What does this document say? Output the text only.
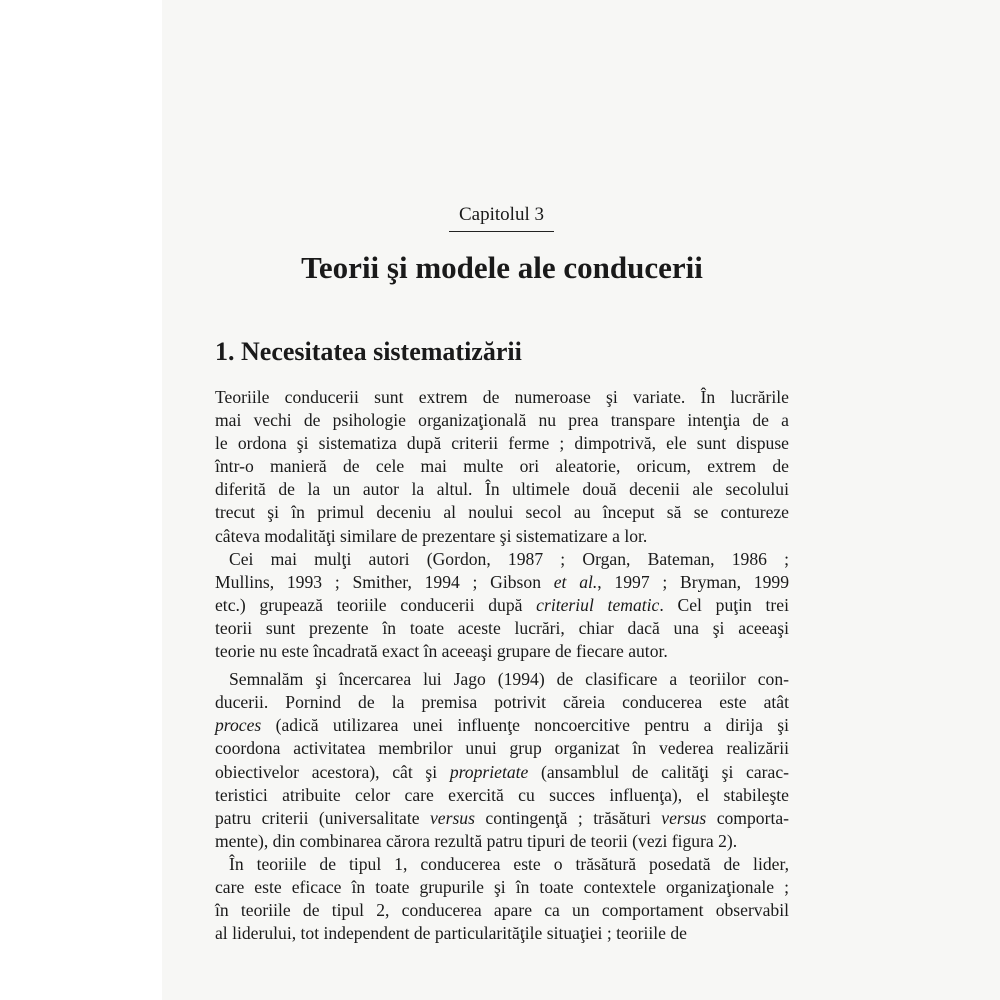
Capitolul 3
Teorii şi modele ale conducerii
1. Necesitatea sistematizării
Teoriile conducerii sunt extrem de numeroase şi variate. În lucrările
mai vechi de psihologie organizaţională nu prea transpare intenţia de a
le ordona şi sistematiza după criterii ferme ; dimpotrivă, ele sunt dispuse
într-o manieră de cele mai multe ori aleatorie, oricum, extrem de
diferită de la un autor la altul. În ultimele două decenii ale secolului
trecut şi în primul deceniu al noului secol au început să se contureze
câteva modalităţi similare de prezentare şi sistematizare a lor.
Cei mai mulţi autori (Gordon, 1987 ; Organ, Bateman, 1986 ;
Mullins, 1993 ; Smither, 1994 ; Gibson et al., 1997 ; Bryman, 1999
etc.) grupează teoriile conducerii după criteriul tematic. Cel puţin trei
teorii sunt prezente în toate aceste lucrări, chiar dacă una şi aceeaşi
teorie nu este încadrată exact în aceeaşi grupare de fiecare autor.
Semnalăm şi încercarea lui Jago (1994) de clasificare a teoriilor con-
ducerii. Pornind de la premisa potrivit căreia conducerea este atât
proces (adică utilizarea unei influenţe noncoercitive pentru a dirija şi
coordona activitatea membrilor unui grup organizat în vederea realizării
obiectivelor acestora), cât şi proprietate (ansamblul de calităţi şi carac-
teristici atribuite celor care exercită cu succes influenţa), el stabileşte
patru criterii (universalitate versus contingenţă ; trăsături versus comporta-
mente), din combinarea cărora rezultă patru tipuri de teorii (vezi figura 2).
În teoriile de tipul 1, conducerea este o trăsătură posedată de lider,
care este eficace în toate grupurile şi în toate contextele organizaţionale ;
în teoriile de tipul 2, conducerea apare ca un comportament observabil
al liderului, tot independent de particularităţile situaţiei ; teoriile de
